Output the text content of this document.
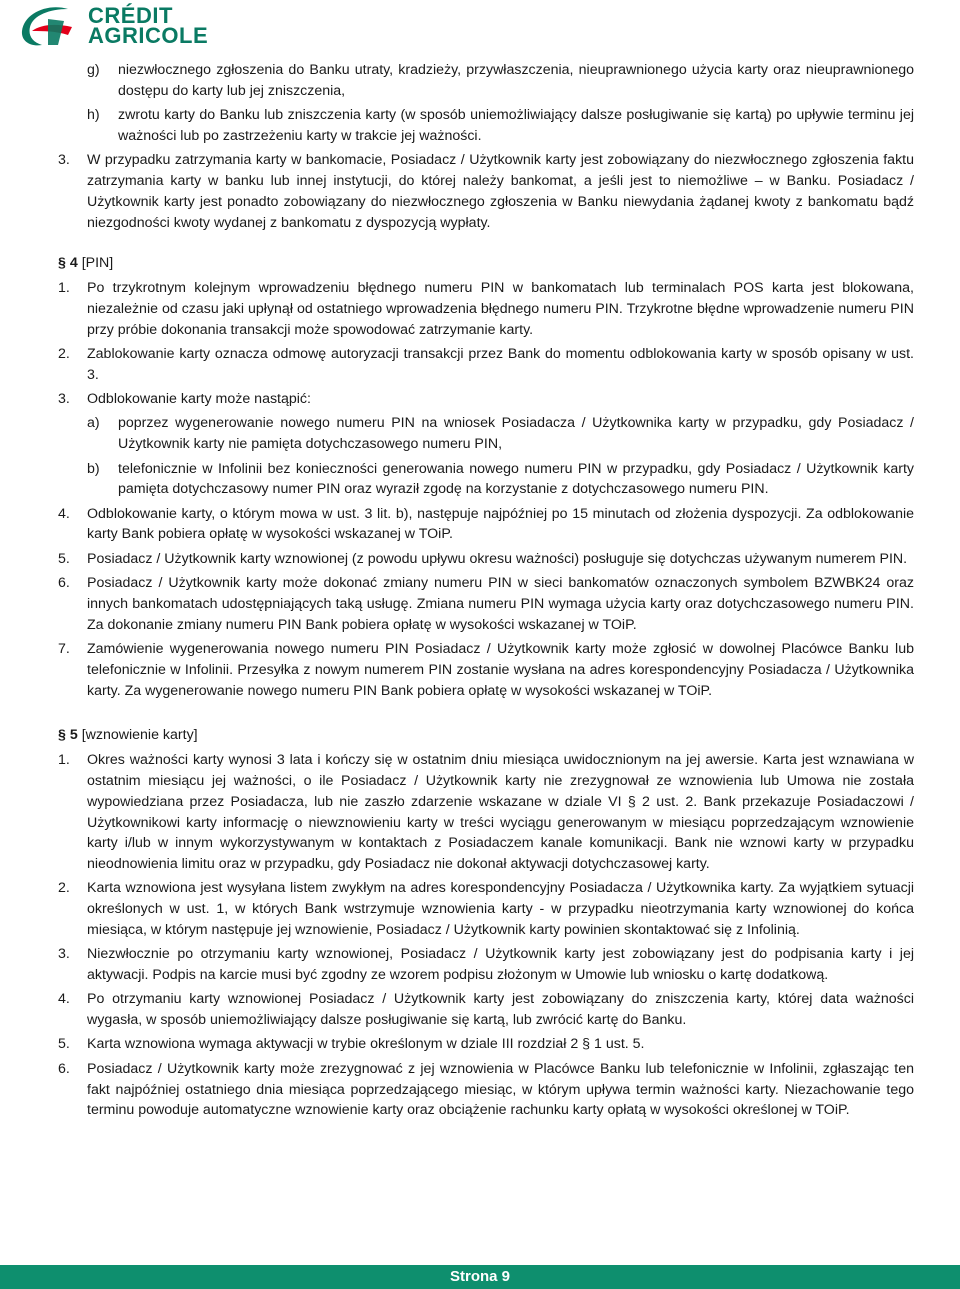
CRÉDIT
AGRICOLE
g)	niezwłocznego zgłoszenia do Banku utraty, kradzieży, przywłaszczenia, nieuprawnionego użycia karty oraz nieuprawnionego dostępu do karty lub jej zniszczenia,
h)	zwrotu karty do Banku lub zniszczenia karty (w sposób uniemożliwiający dalsze posługiwanie się kartą) po upływie terminu jej ważności lub po zastrzeżeniu karty w trakcie jej ważności.
3.	W przypadku zatrzymania karty w bankomacie, Posiadacz / Użytkownik karty jest zobowiązany do niezwłocznego zgłoszenia faktu zatrzymania karty w banku lub innej instytucji, do której należy bankomat, a jeśli jest to niemożliwe – w Banku. Posiadacz / Użytkownik karty jest ponadto zobowiązany do niezwłocznego zgłoszenia w Banku niewydania żądanej kwoty z bankomatu bądź niezgodności kwoty wydanej z bankomatu z dyspozycją wypłaty.
§ 4 [PIN]
1.	Po trzykrotnym kolejnym wprowadzeniu błędnego numeru PIN w bankomatach lub terminalach POS karta jest blokowana, niezależnie od czasu jaki upłynął od ostatniego wprowadzenia błędnego numeru PIN. Trzykrotne błędne wprowadzenie numeru PIN przy próbie dokonania transakcji może spowodować zatrzymanie karty.
2.	Zablokowanie karty oznacza odmowę autoryzacji transakcji przez Bank do momentu odblokowania karty w sposób opisany w ust. 3.
3.	Odblokowanie karty może nastąpić:
a)	poprzez wygenerowanie nowego numeru PIN na wniosek Posiadacza / Użytkownika karty w przypadku, gdy Posiadacz / Użytkownik karty nie pamięta dotychczasowego numeru PIN,
b)	telefonicznie w Infolinii bez konieczności generowania nowego numeru PIN w przypadku, gdy Posiadacz / Użytkownik karty pamięta dotychczasowy numer PIN oraz wyraził zgodę na korzystanie z dotychczasowego numeru PIN.
4.	Odblokowanie karty, o którym mowa w ust. 3 lit. b), następuje najpóźniej po 15 minutach od złożenia dyspozycji. Za odblokowanie karty Bank pobiera opłatę w wysokości wskazanej w TOiP.
5.	Posiadacz / Użytkownik karty wznowionej (z powodu upływu okresu ważności) posługuje się dotychczas używanym numerem PIN.
6.	Posiadacz / Użytkownik karty może dokonać zmiany numeru PIN w sieci bankomatów oznaczonych symbolem BZWBK24 oraz innych bankomatach udostępniających taką usługę. Zmiana numeru PIN wymaga użycia karty oraz dotychczasowego numeru PIN. Za dokonanie zmiany numeru PIN Bank pobiera opłatę w wysokości wskazanej w TOiP.
7.	Zamówienie wygenerowania nowego numeru PIN Posiadacz / Użytkownik karty może zgłosić w dowolnej Placówce Banku lub telefonicznie w Infolinii. Przesyłka z nowym numerem PIN zostanie wysłana na adres korespondencyjny Posiadacza / Użytkownika karty. Za wygenerowanie nowego numeru PIN Bank pobiera opłatę w wysokości wskazanej w TOiP.
§ 5 [wznowienie karty]
1.	Okres ważności karty wynosi 3 lata i kończy się w ostatnim dniu miesiąca uwidocznionym na jej awersie. Karta jest wznawiana w ostatnim miesiącu jej ważności, o ile Posiadacz / Użytkownik karty nie zrezygnował ze wznowienia lub Umowa nie została wypowiedziana przez Posiadacza, lub nie zaszło zdarzenie wskazane w dziale VI § 2 ust. 2. Bank przekazuje Posiadaczowi / Użytkownikowi karty informację o niewznowieniu karty w treści wyciągu generowanym w miesiącu poprzedzającym wznowienie karty i/lub w innym wykorzystywanym w kontaktach z Posiadaczem kanale komunikacji. Bank nie wznowi karty w przypadku nieodnowienia limitu oraz w przypadku, gdy Posiadacz nie dokonał aktywacji dotychczasowej karty.
2.	Karta wznowiona jest wysyłana listem zwykłym na adres korespondencyjny Posiadacza / Użytkownika karty. Za wyjątkiem sytuacji określonych w ust. 1, w których Bank wstrzymuje wznowienia karty - w przypadku nieotrzymania karty wznowionej do końca miesiąca, w którym następuje jej wznowienie, Posiadacz / Użytkownik karty powinien skontaktować się z Infolinią.
3.	Niezwłocznie po otrzymaniu karty wznowionej, Posiadacz / Użytkownik karty jest zobowiązany jest do podpisania karty i jej aktywacji. Podpis na karcie musi być zgodny ze wzorem podpisu złożonym w Umowie lub wniosku o kartę dodatkową.
4.	Po otrzymaniu karty wznowionej Posiadacz / Użytkownik karty jest zobowiązany do zniszczenia karty, której data ważności wygasła, w sposób uniemożliwiający dalsze posługiwanie się kartą, lub zwrócić kartę do Banku.
5.	Karta wznowiona wymaga aktywacji w trybie określonym w dziale III rozdział 2 § 1 ust. 5.
6.	Posiadacz / Użytkownik karty może zrezygnować z jej wznowienia w Placówce Banku lub telefonicznie w Infolinii, zgłaszając ten fakt najpóźniej ostatniego dnia miesiąca poprzedzającego miesiąc, w którym upływa termin ważności karty. Niezachowanie tego terminu powoduje automatyczne wznowienie karty oraz obciążenie rachunku karty opłatą w wysokości określonej w TOiP.
Strona 9
